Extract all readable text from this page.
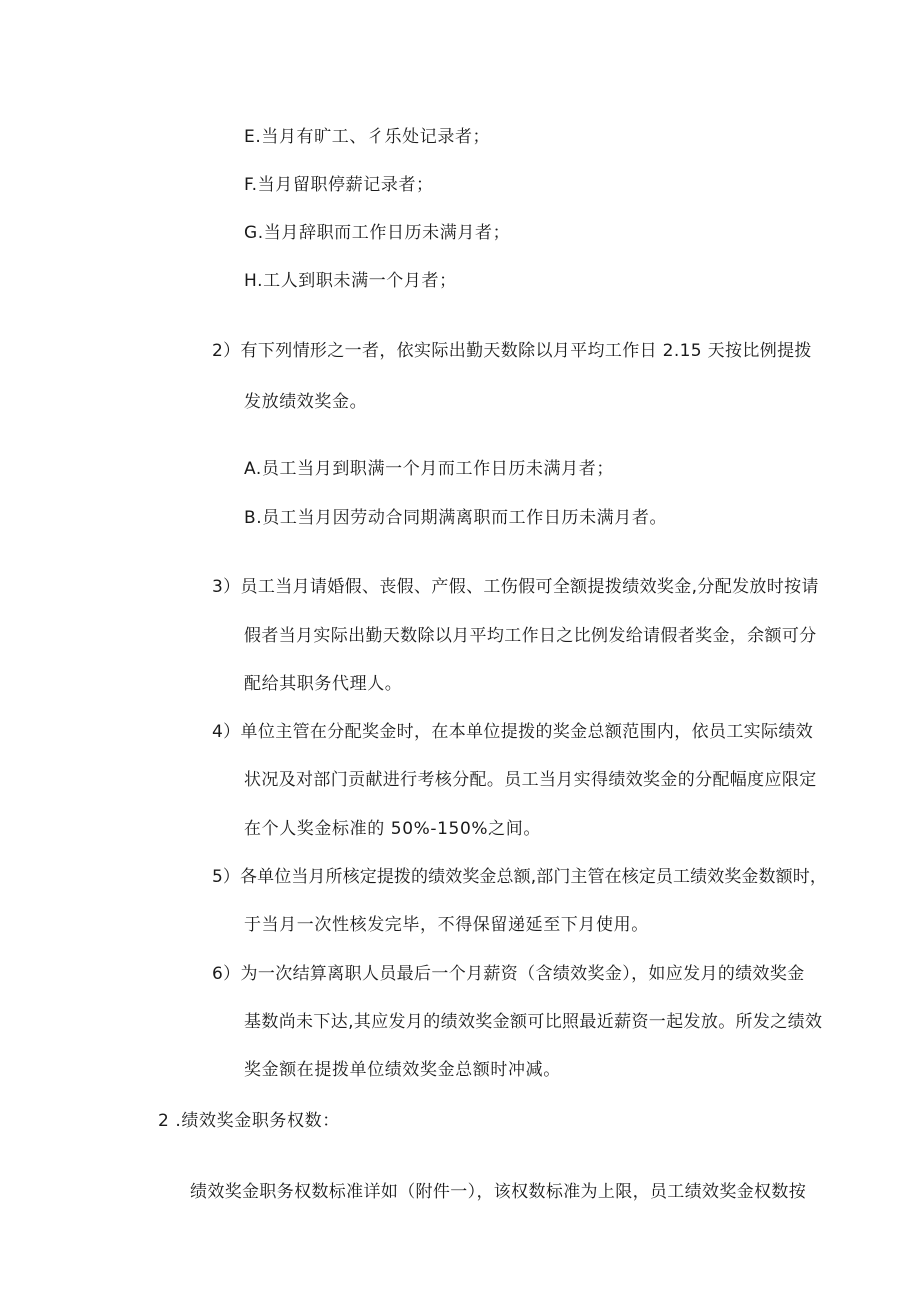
E.当月有旷工、彳乐处记录者；
F.当月留职停薪记录者；
G.当月辞职而工作日历未满月者；
H.工人到职未满一个月者；
2）有下列情形之一者，依实际出勤天数除以月平均工作日 2.15 天按比例提拨
发放绩效奖金。
A.员工当月到职满一个月而工作日历未满月者；
B.员工当月因劳动合同期满离职而工作日历未满月者。
3）员工当月请婚假、丧假、产假、工伤假可全额提拨绩效奖金,分配发放时按请
假者当月实际出勤天数除以月平均工作日之比例发给请假者奖金，余额可分
配给其职务代理人。
4）单位主管在分配奖金时，在本单位提拨的奖金总额范围内，依员工实际绩效
状况及对部门贡献进行考核分配。员工当月实得绩效奖金的分配幅度应限定
在个人奖金标准的 50%-150%之间。
5）各单位当月所核定提拨的绩效奖金总额,部门主管在核定员工绩效奖金数额时，
于当月一次性核发完毕，不得保留递延至下月使用。
6）为一次结算离职人员最后一个月薪资（含绩效奖金），如应发月的绩效奖金
基数尚未下达,其应发月的绩效奖金额可比照最近薪资一起发放。所发之绩效
奖金额在提拨单位绩效奖金总额时冲减。
2 .绩效奖金职务权数：
绩效奖金职务权数标准详如（附件一），该权数标准为上限，员工绩效奖金权数按
